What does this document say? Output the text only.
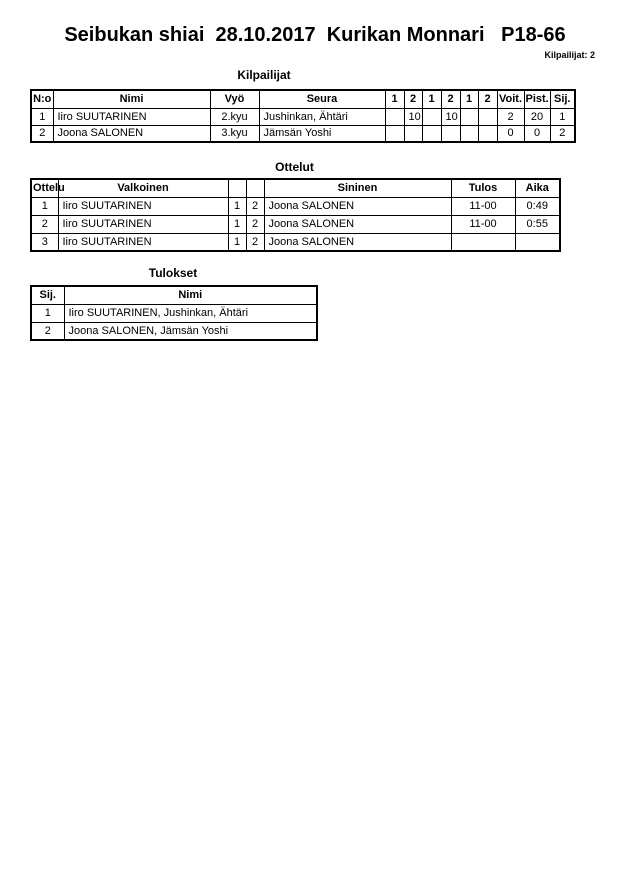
Seibukan shiai  28.10.2017  Kurikan Monnari   P18-66
Kilpailijat: 2
Kilpailijat
N:o	Nimi	Vyö	Seura	1	2	1	2	1	2	Voit.	Pist.	Sij.
1	Iiro SUUTARINEN	2.kyu	Jushinkan, Ähtäri		10		10			2	20	1
2	Joona SALONEN	3.kyu	Jämsän Yoshi							0	0	2
Ottelut
Ottelu	Valkoinen			Sininen	Tulos	Aika
1	Iiro SUUTARINEN	1	2	Joona SALONEN	11-00	0:49
2	Iiro SUUTARINEN	1	2	Joona SALONEN	11-00	0:55
3	Iiro SUUTARINEN	1	2	Joona SALONEN		
Tulokset
Sij.	Nimi
1	Iiro SUUTARINEN, Jushinkan, Ähtäri
2	Joona SALONEN, Jämsän Yoshi
